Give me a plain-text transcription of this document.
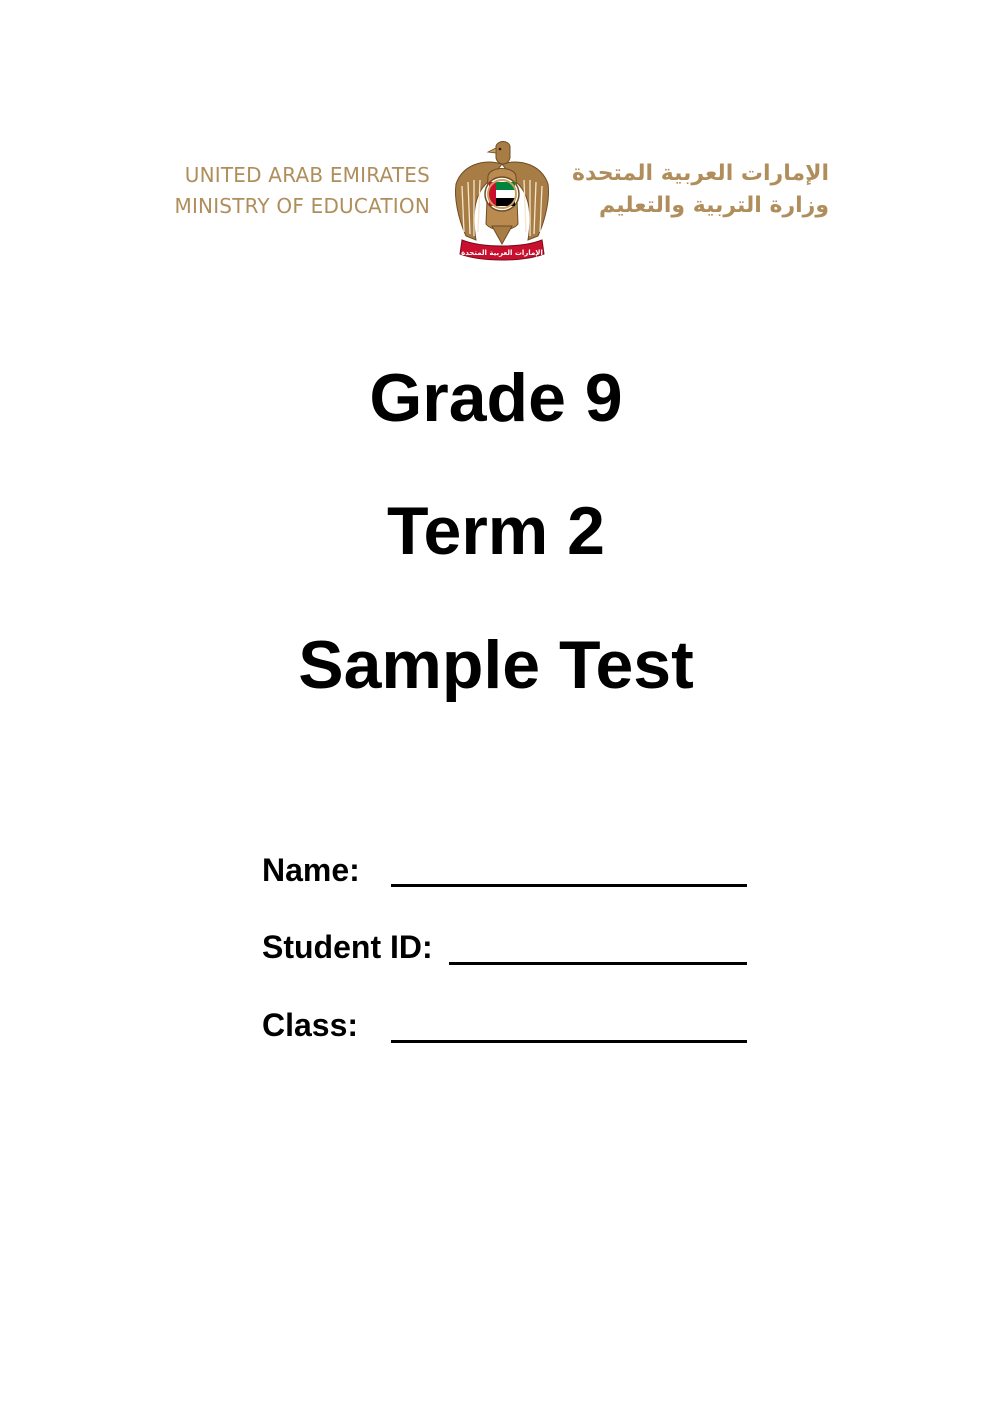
UNITED ARAB EMIRATES
MINISTRY OF EDUCATION
الإمارات العربية المتحدة
الإمارات العربية المتحدة
وزارة التربية والتعليم
Grade 9
Term 2
Sample Test
Name:
Student ID:
Class:
